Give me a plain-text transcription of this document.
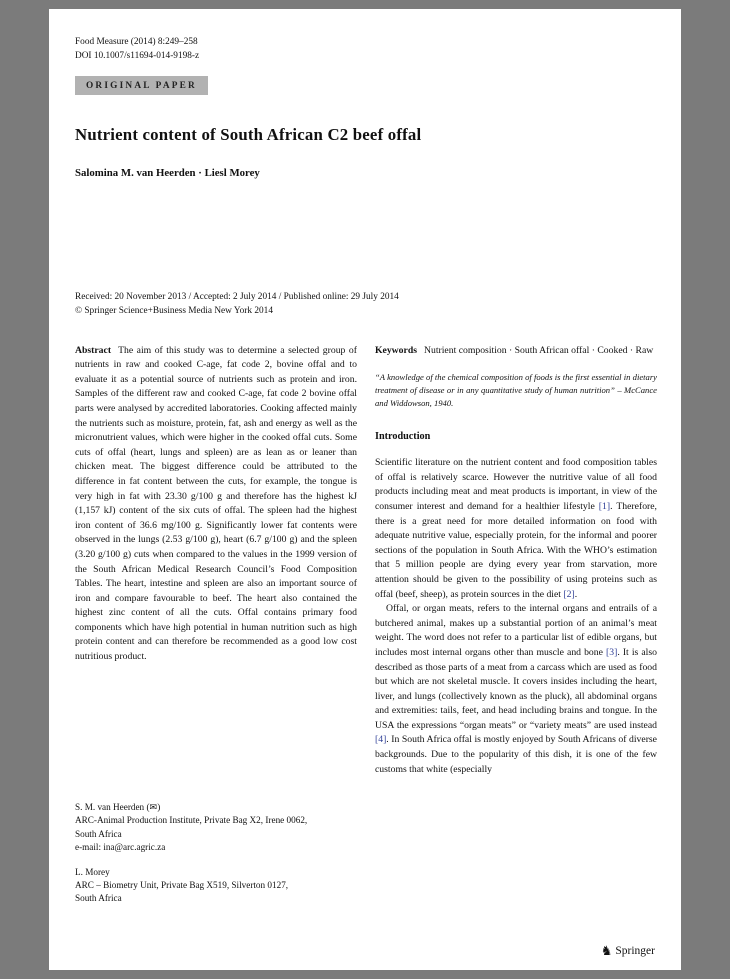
Food Measure (2014) 8:249–258
DOI 10.1007/s11694-014-9198-z
ORIGINAL PAPER
Nutrient content of South African C2 beef offal
Salomina M. van Heerden · Liesl Morey
Received: 20 November 2013 / Accepted: 2 July 2014 / Published online: 29 July 2014
© Springer Science+Business Media New York 2014

Abstract The aim of this study was to determine a selected group of nutrients in raw and cooked C-age, fat code 2, bovine offal and to evaluate it as a potential source of nutrients such as protein and iron. Samples of the different raw and cooked C-age, fat code 2 bovine offal parts were analysed by accredited laboratories. Cooking affected mainly the nutrients such as moisture, protein, fat, ash and energy as well as the micronutrient values, which were higher in the cooked offal cuts. Some cuts of offal (heart, lungs and spleen) are as lean as or leaner than chicken meat. The biggest difference could be attributed to the difference in fat content between the cuts, for example, the tongue is very high in fat with 23.30 g/100 g and therefore has the highest kJ (1,157 kJ) content of the six cuts of offal. The spleen had the highest iron content of 36.6 mg/100 g. Significantly lower fat contents were observed in the lungs (2.53 g/100 g), heart (6.7 g/100 g) and the spleen (3.20 g/100 g) cuts when compared to the values in the 1999 version of the South African Medical Research Council’s Food Composition Tables. The heart, intestine and spleen are also an important source of iron and compare favourable to beef. The heart also contained the highest zinc content of all the cuts. Offal contains primary food components which have high potential in human nutrition such as high protein content and can therefore be recommended as a good low cost nutritious product.

S. M. van Heerden (✉)
ARC-Animal Production Institute, Private Bag X2, Irene 0062,
South Africa
e-mail: ina@arc.agric.za
L. Morey
ARC – Biometry Unit, Private Bag X519, Silverton 0127,
South Africa

Keywords Nutrient composition · South African offal · Cooked · Raw

“A knowledge of the chemical composition of foods is the first essential in dietary treatment of disease or in any quantitative study of human nutrition” – McCance and Widdowson, 1940.

Introduction

Scientific literature on the nutrient content and food composition tables of offal is relatively scarce. However the nutritive value of all food products including meat and meat products is important, in view of the consumer interest and demand for a healthier lifestyle [1]. Therefore, there is a great need for more detailed information on food with adequate nutritive value, especially protein, for the informal and poorer sections of the population in South Africa. With the WHO’s estimation that 5 million people are dying every year from starvation, more attention should be given to the possibility of using proteins such as offal (beef, sheep), as protein sources in the diet [2].

Offal, or organ meats, refers to the internal organs and entrails of a butchered animal, makes up a substantial portion of an animal’s meat weight. The word does not refer to a particular list of edible organs, but includes most internal organs other than muscle and bone [3]. It is also described as those parts of a meat from a carcass which are used as food but which are not skeletal muscle. It covers insides including the heart, liver, and lungs (collectively known as the pluck), all abdominal organs and extremities: tails, feet, and head including brains and tongue. In the USA the expressions “organ meats” or “variety meats” are used instead [4]. In South Africa offal is mostly enjoyed by South Africans of diverse backgrounds. Due to the popularity of this dish, it is one of the few customs that white (especially

♞ Springer
